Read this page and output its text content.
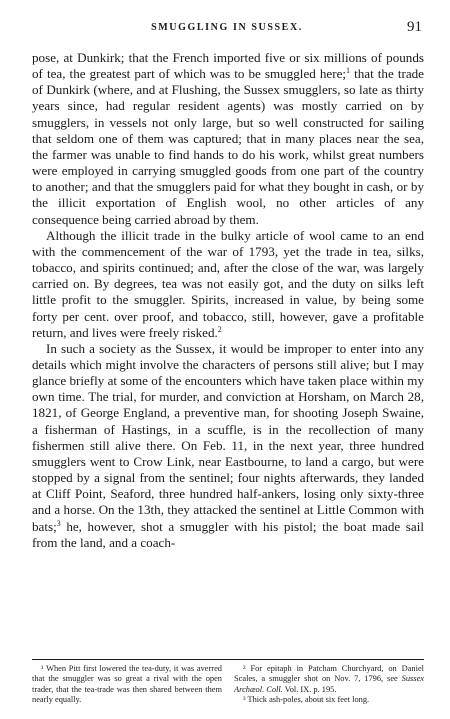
SMUGGLING IN SUSSEX.	91

pose, at Dunkirk; that the French imported five or six millions of pounds of tea, the greatest part of which was to be smuggled here;$^1$ that the trade of Dunkirk (where, and at Flushing, the Sussex smugglers, so late as thirty years since, had regular resident agents) was mostly carried on by smugglers, in vessels not only large, but so well constructed for sailing that seldom one of them was captured; that in many places near the sea, the farmer was unable to find hands to do his work, whilst great numbers were employed in carrying smuggled goods from one part of the country to another; and that the smugglers paid for what they bought in cash, or by the illicit exportation of English wool, no other articles of any consequence being carried abroad by them.

Although the illicit trade in the bulky article of wool came to an end with the commencement of the war of 1793, yet the trade in tea, silks, tobacco, and spirits continued; and, after the close of the war, was largely carried on. By degrees, tea was not easily got, and the duty on silks left little profit to the smuggler. Spirits, increased in value, by being some forty per cent. over proof, and tobacco, still, however, gave a profitable return, and lives were freely risked.$^2$

In such a society as the Sussex, it would be improper to enter into any details which might involve the characters of persons still alive; but I may glance briefly at some of the encounters which have taken place within my own time. The trial, for murder, and conviction at Horsham, on March 28, 1821, of George England, a preventive man, for shooting Joseph Swaine, a fisherman of Hastings, in a scuffle, is in the recollection of many fishermen still alive there. On Feb. 11, in the next year, three hundred smugglers went to Crow Link, near Eastbourne, to land a cargo, but were stopped by a signal from the sentinel; four nights afterwards, they landed at Cliff Point, Seaford, three hundred half-ankers, losing only sixty-three and a horse. On the 13th, they attacked the sentinel at Little Common with bats;$^3$ he, however, shot a smuggler with his pistol; the boat made sail from the land, and a coach-

¹ When Pitt first lowered the tea-duty, it was averred that the smuggler was so great a rival with the open trader, that the tea-trade was then shared between them nearly equally.

² For epitaph in Patcham Churchyard, on Daniel Scales, a smuggler shot on Nov. 7, 1796, see Sussex Archæol. Coll. Vol. IX. p. 195.

³ Thick ash-poles, about six feet long.
